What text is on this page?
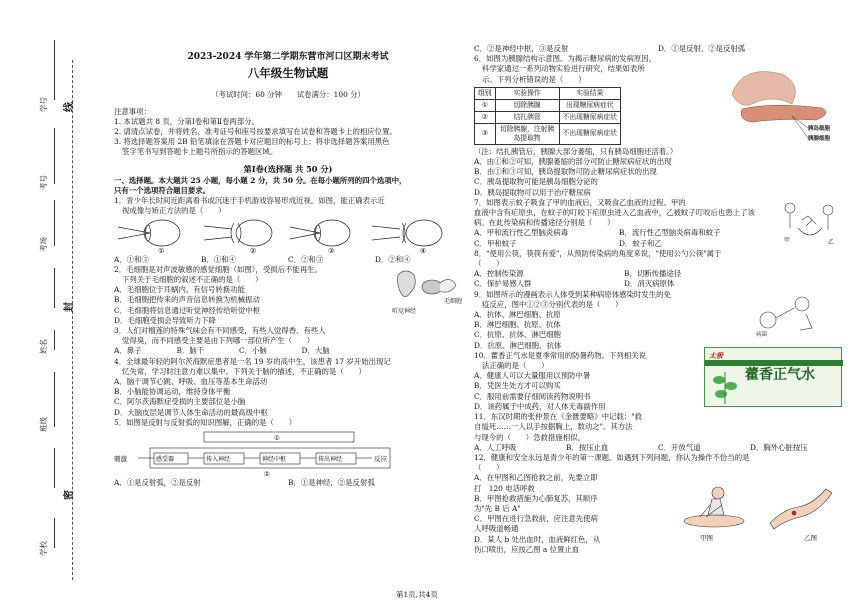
学号
考号
考场
姓名
班级
学校
线
封
密
2023-2024 学年第二学期东营市河口区期末考试
八年级生物试题
（考试时间：60 分钟　　试卷满分：100 分）
注意事项：
1. 本试题共 8 页，分第Ⅰ卷和第Ⅱ卷两部分。
2. 请清点试卷，并将姓名、准考证号和座号按要求填写在试卷和答题卡上的相应位置。
3. 将选择题答案用 2B 铅笔填涂在答题卡对应题目的标号上；将非选择题答案用黑色
签字笔书写到答题卡上题号所指示的答题区域。
第Ⅰ卷(选择题 共 50 分)
一、选择题。本大题共 25 小题，每小题 2 分，共 50 分。在每小题所列的四个选项中，
只有一个选项符合题目要求。
1．青少年长时间近距离看书或沉迷于手机游戏容易形成近视。如图，能正确表示近
视成像与矫正方法的是（　　）
①	②	③	④
A．①和③	B．①和④	C．②和③	D．②和④
2．毛细胞是对声波敏感的感觉细胞（如图），受损后不能再生。
下列关于毛细胞的叙述不正确的是（　　）
A．毛细胞位于耳蜗内，有信号转换功能
B．毛细胞把传来的声音信息转换为机械振动
C．毛细胞将信息通过听觉神经传给听觉中枢
D．毛细胞受损会导致听力下降
毛细胞
听觉神经
3．人们对榴莲的特殊气味会有不同感受，有些人觉得香、有些人
觉得臭，而不同感受主要是由下列哪一部位所产生（　　）
A．鼻子	B．脑干	C．小脑	D．大脑
4．全球最年轻的阿尔茨海默症患者是一名 19 岁的高中生，该患者 17 岁开始出现记
忆失常，学习时注意力难以集中。下列关于脑的描述，不正确的是（　　）
A．脑干调节心跳、呼吸、血压等基本生命活动
B．小脑能协调运动，维持身体平衡
C．阿尔茨海默症受损的主要部位是小脑
D．大脑皮层是调节人体生命活动的最高级中枢
5．如图是反射与反射弧的知识图解，正确的是（　　）
刺激	感受器	传入神经	神经中枢	传出神经	反应
①
②
A．①是反射弧，②是反射	B．①是神经，②是反射弧
C．②是神经中枢，③是反射	D．①是反射，②是反射弧
6．如图为胰腺结构示意图。为揭示糖尿病的发病原因，
科学家通过一系列动物实验进行研究，结果如表所
示。下列分析错误的是（　　）
组别	实验操作	实验结果
①	切除胰腺	出现糖尿病症状
②	结扎胰管	不出现糖尿病症状
③	切除胰腺，注射胰岛提取物	不出现糖尿病症状
胰岛细胞
胰腺细胞
（注：结扎胰管后，胰腺大部分萎缩，只有胰岛细胞还活着。）
A．由①和②可知，胰腺萎缩的部分可防止糖尿病症状的出现
B．由①和③可知，胰岛提取物可防止糖尿病症状的出现
C．胰岛提取物可能是胰岛细胞分泌的
D．胰岛提取物可以用于治疗糖尿病
7．如图表示蚊子吸食了甲的血液后，又吸食乙血液的过程。甲的
血液中含有疟原虫，在蚊子的叮咬下疟原虫进入乙血液中，乙被蚊子叮咬后也患上了该
病。在此传染病和传播途径分别是（　　）
A．甲和流行性乙型脑炎病毒	B．流行性乙型脑炎病毒和蚊子
C．甲和蚊子	D．蚊子和乙	甲	乙
8．"使用公筷，筷筷有爱"，从预防传染病的角度来说，"使用公勺公筷"属于
（　　）
A．控制传染源	B．切断传播途径
C．保护易感人群	D．消灭病原体
9．如图所示的漫画表示人体受到某种病原体感染时发生的免
疫反应，图中①②③分别代表的是（　　）
A．抗体、淋巴细胞、抗原
B．淋巴细胞、抗原、抗体
C．抗原、抗体、淋巴细胞
D．抗原、淋巴细胞、抗体
病菌
10．藿香正气水是夏季常用的防暑药物。下列相关说
法正确的是（　　）
A．健康人可以大量服用以预防中暑
B．凭医生处方才可以购买
C．服用前需要仔细阅读药物说明书
D．该药属于中成药，对人体无毒副作用
太极
藿香正气水
11．东汉时期的张仲景在《金匮要略》中记载："救
自缢死……一人以手按据胸上，数动之"。其方法
与现今的（　　）急救措施相似。
A．人工呼吸	B．按压止血	C．开放气道	D．胸外心脏按压
12．健康和安全永远是青少年的第一课题。如遇到下列问题，你认为操作不恰当的是
（　　）
A．在甲图和乙图抢救之前，先要立即
打　120 电话呼救
B．甲图抢救措施为心肺复苏，其顺序
为"先 B 后 A"
C．甲图在进行急救前，应注意先使病
人呼吸道畅通
D．某人 b 处出血时，血液鲜红色，从
伤口喷出，应按乙图 a 位置止血
甲图	乙图
第1页,共4页
